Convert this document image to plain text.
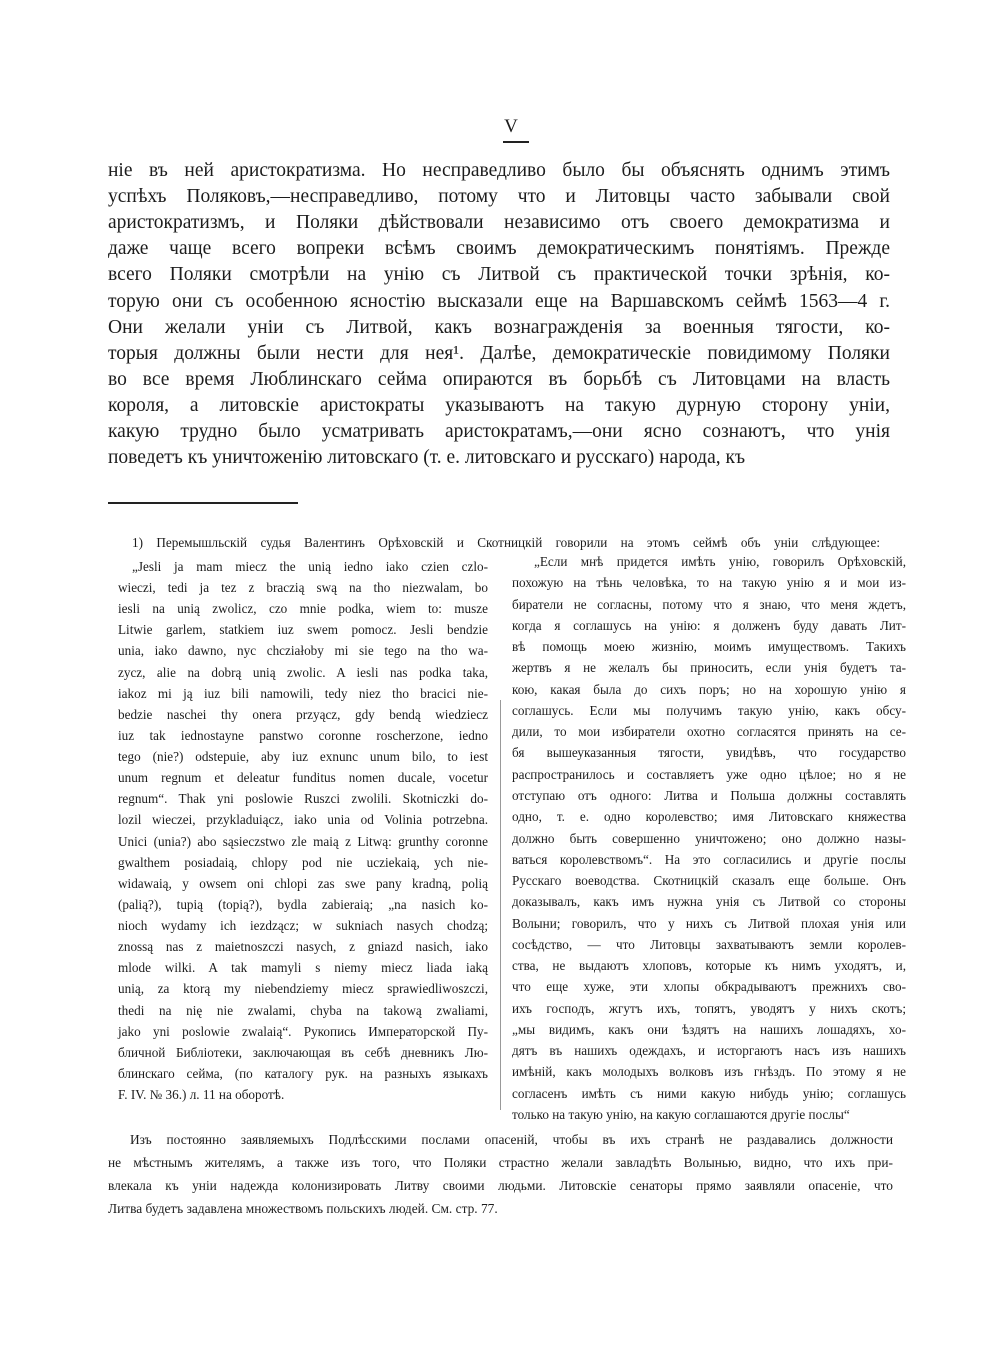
V
ніе въ ней аристократизма. Но несправедливо было бы объяснять однимъ этимъ
успѣхъ Поляковъ,—несправедливо, потому что и Литовцы часто забывали свой
аристократизмъ, и Поляки дѣйствовали независимо отъ своего демократизма и
даже чаще всего вопреки всѣмъ своимъ демократическимъ понятіямъ. Прежде
всего Поляки смотрѣли на унію съ Литвой съ практической точки зрѣнія, ко-
торую они съ особенною ясностію высказали еще на Варшавскомъ сеймѣ 1563—4 г.
Они желали уніи съ Литвой, какъ вознагражденія за военныя тягости, ко-
торыя должны были нести для нея¹. Далѣе, демократическіе повидимому Поляки
во все время Люблинскаго сейма опираются въ борьбѣ съ Литовцами на власть
короля, а литовскіе аристократы указываютъ на такую дурную сторону уніи,
какую трудно было усматривать аристократамъ,—они ясно сознаютъ, что унія
поведетъ къ уничтоженію литовскаго (т. е. литовскаго и русскаго) народа, къ
1) Перемышльскій судья Валентинъ Орѣховскій и Скотницкій говорили на этомъ сеймѣ объ уніи слѣдующее:
„Jesli ja mam miecz the unią iedno iako czien czlo-
wieczi, tedi ja tez z braczią swą na tho niezwalam, bo
iesli na unią zwolicz, czo mnie podka, wiem to: musze
Litwie garlem, statkiem iuz swem pomocz. Jesli bendzie
unia, iako dawno, nyc chcziałoby mi sie tego na tho wa-
zycz, alie na dobrą unią zwolic. A iesli nas podka taka,
iakoz mi ją iuz bili namowili, tedy niez tho bracici nie-
bedzie naschei thy onera przyącz, gdy bendą wiedziecz
iuz tak iednostayne panstwo coronne roscherzone, iedno
tego (nie?) odstepuie, aby iuz exnunc unum bilo, to iest
unum regnum et deleatur funditus nomen ducale, vocetur
regnum“. Thak yni poslowie Ruszci zwolili. Skotniczki do-
lozil wieczei, przykladuiącz, iako unia od Volinia potrzebna.
Unici (unia?) abo sąsieczstwo zle maią z Litwą: grunthy coronne
gwalthem posiadaią, chlopy pod nie ucziekaią, ych nie-
widawaią, y owsem oni chlopi zas swe pany kradną, polią
(palią?), tupią (topią?), bydla zabieraią; „na nasich ko-
nioch wydamy ich iezdzącz; w sukniach nasych chodzą;
znossą nas z maietnoszczi nasych, z gniazd nasich, iako
mlode wilki. A tak mamyli s niemy miecz liada iaką
unią, za ktorą my niebendziemy miecz sprawiedliwoszczi,
thedi na nię nie zwalami, chyba na takową zwaliami,
jako yni poslowie zwalaią“. Рукопись Императорской Пу-
бличной Библіотеки, заключающая въ себѣ дневникъ Лю-
блинскаго сейма, (по каталогу рук. на разныхъ языкахъ
F. IV. № 36.) л. 11 на оборотѣ.
„Если мнѣ придется имѣть унію, говорилъ Орѣховскій,
похожую на тѣнь человѣка, то на такую унію я и мои из-
биратели не согласны, потому что я знаю, что меня ждетъ,
когда я соглашусь на унію: я долженъ буду давать Лит-
вѣ помощь моею жизнію, моимъ имуществомъ. Такихъ
жертвъ я не желалъ бы приносить, если унія будетъ та-
кою, какая была до сихъ поръ; но на хорошую унію я
соглашусь. Если мы получимъ такую унію, какъ обсу-
дили, то мои избиратели охотно согласятся принять на се-
бя вышеуказанныя тягости, увидѣвъ, что государство
распространилось и составляетъ уже одно цѣлое; но я не
отступаю отъ одного: Литва и Польша должны составлять
одно, т. е. одно королевство; имя Литовскаго княжества
должно быть совершенно уничтожено; оно должно назы-
ваться королевствомъ“. На это согласились и другіе послы
Русскаго воеводства. Скотницкій сказалъ еще больше. Онъ
доказывалъ, какъ имъ нужна унія съ Литвой со стороны
Волыни; говорилъ, что у нихъ съ Литвой плохая унія или
сосѣдство, — что Литовцы захватываютъ земли королев-
ства, не выдаютъ хлоповъ, которые къ нимъ уходятъ, и,
что еще хуже, эти хлопы обкрадываютъ прежнихъ сво-
ихъ господъ, жгутъ ихъ, топятъ, уводятъ у нихъ скотъ;
„мы видимъ, какъ они ѣздятъ на нашихъ лошадяхъ, хо-
дятъ въ нашихъ одеждахъ, и исторгаютъ насъ изъ нашихъ
имѣній, какъ молодыхъ волковъ изъ гнѣздъ. По этому я не
согласенъ имѣть съ ними какую нибудь унію; соглашусь
только на такую унію, на какую соглашаются другіе послы“
Изъ постоянно заявляемыхъ Подлѣсскими послами опасеній, чтобы въ ихъ странѣ не раздавались должности
не мѣстнымъ жителямъ, а также изъ того, что Поляки страстно желали завладѣть Волынью, видно, что ихъ при-
влекала къ уніи надежда колонизировать Литву своими людьми. Литовскіе сенаторы прямо заявляли опасеніе, что
Литва будетъ задавлена множествомъ польскихъ людей. См. стр. 77.
